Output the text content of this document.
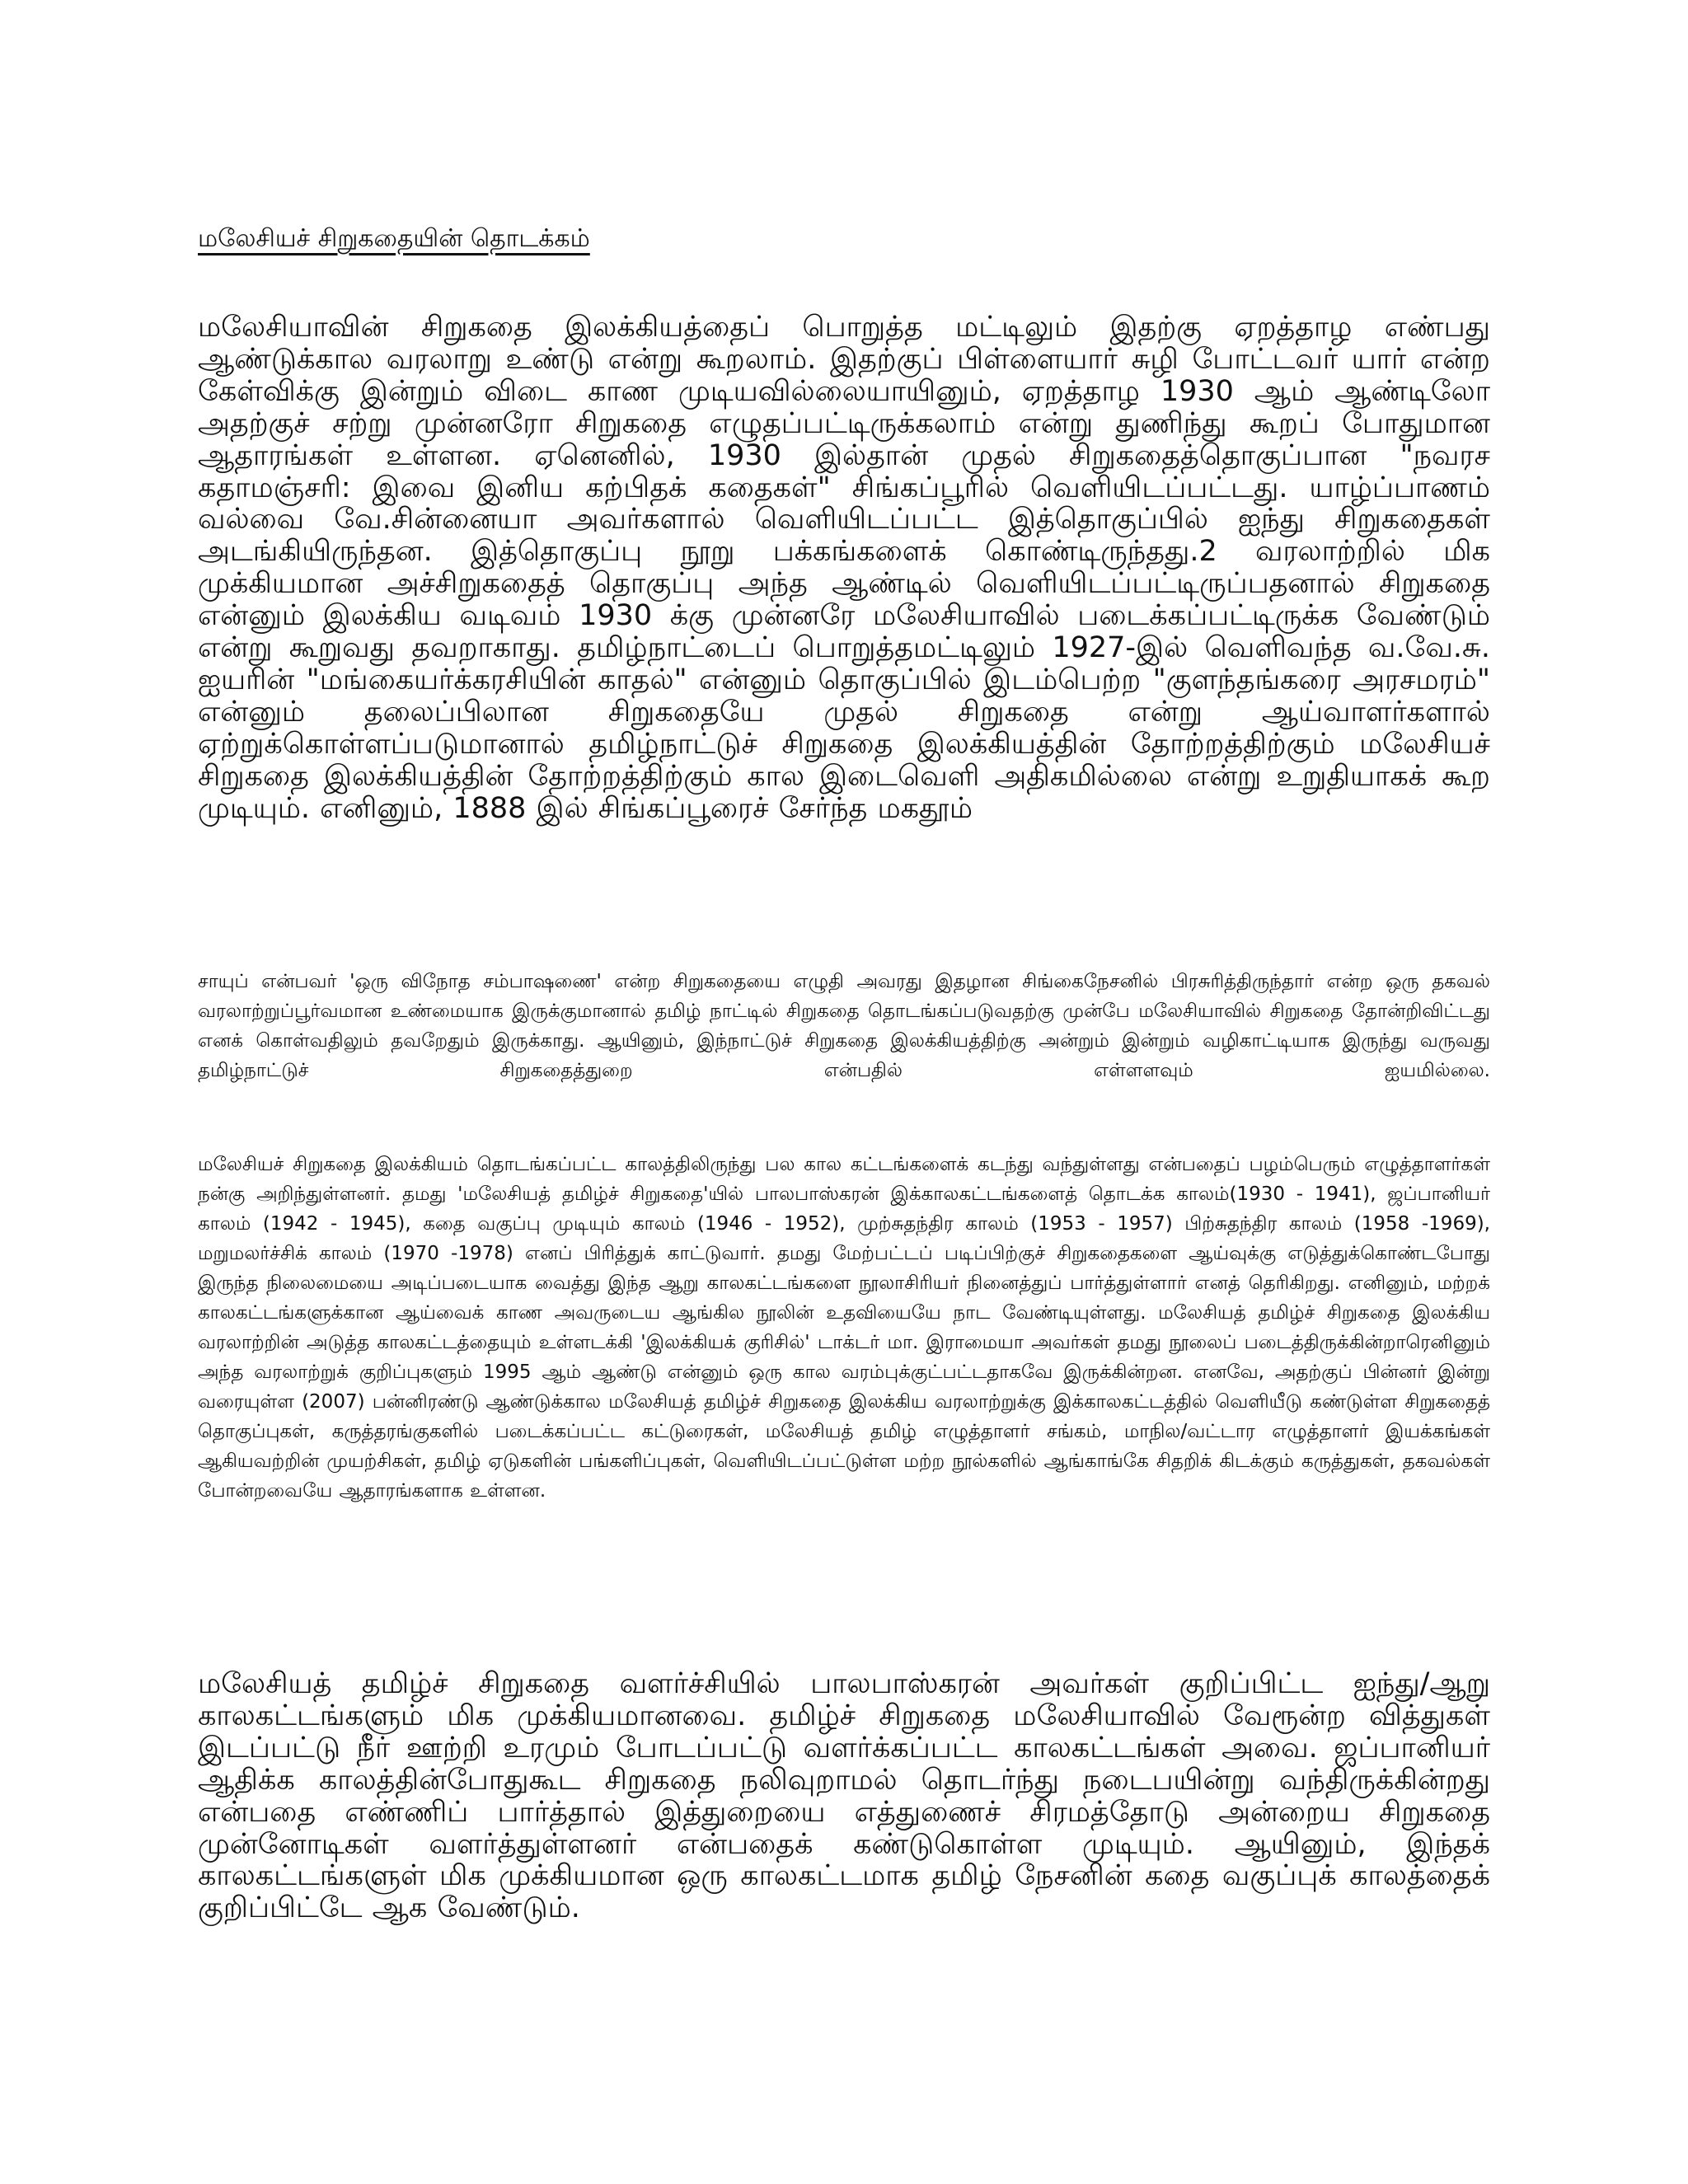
மலேசியச் சிறுகதையின் தொடக்கம்

மலேசியாவின் சிறுகதை இலக்கியத்தைப் பொறுத்த மட்டிலும் இதற்கு ஏறத்தாழ எண்பது ஆண்டுக்கால வரலாறு உண்டு என்று கூறலாம். இதற்குப் பிள்ளையார் சுழி போட்டவர் யார் என்ற கேள்விக்கு இன்றும் விடை காண முடியவில்லையாயினும், ஏறத்தாழ 1930 ஆம் ஆண்டிலோ அதற்குச் சற்று முன்னரோ சிறுகதை எழுதப்பட்டிருக்கலாம் என்று துணிந்து கூறப் போதுமான ஆதாரங்கள் உள்ளன. ஏனெனில், 1930 இல்தான் முதல் சிறுகதைத்தொகுப்பான "நவரச கதாமஞ்சரி: இவை இனிய கற்பிதக் கதைகள்" சிங்கப்பூரில் வெளியிடப்பட்டது. யாழ்ப்பாணம் வல்வை வே.சின்னையா அவர்களால் வெளியிடப்பட்ட இத்தொகுப்பில் ஐந்து சிறுகதைகள் அடங்கியிருந்தன. இத்தொகுப்பு நூறு பக்கங்களைக் கொண்டிருந்தது.2 வரலாற்றில் மிக முக்கியமான அச்சிறுகதைத் தொகுப்பு அந்த ஆண்டில் வெளியிடப்பட்டிருப்பதனால் சிறுகதை என்னும் இலக்கிய வடிவம் 1930 க்கு முன்னரே மலேசியாவில் படைக்கப்பட்டிருக்க வேண்டும் என்று கூறுவது தவறாகாது. தமிழ்நாட்டைப் பொறுத்தமட்டிலும் 1927-இல் வெளிவந்த வ.வே.சு. ஐயரின் "மங்கையர்க்கரசியின் காதல்" என்னும் தொகுப்பில் இடம்பெற்ற "குளந்தங்கரை அரசமரம்" என்னும் தலைப்பிலான சிறுகதையே முதல் சிறுகதை என்று ஆய்வாளர்களால் ஏற்றுக்கொள்ளப்படுமானால் தமிழ்நாட்டுச் சிறுகதை இலக்கியத்தின் தோற்றத்திற்கும் மலேசியச் சிறுகதை இலக்கியத்தின் தோற்றத்திற்கும் கால இடைவெளி அதிகமில்லை என்று உறுதியாகக் கூற முடியும். எனினும், 1888 இல் சிங்கப்பூரைச் சேர்ந்த மகதூம்

சாயுப் என்பவர் 'ஒரு விநோத சம்பாஷணை' என்ற சிறுகதையை எழுதி அவரது இதழான சிங்கைநேசனில் பிரசுரித்திருந்தார் என்ற ஒரு தகவல் வரலாற்றுப்பூர்வமான உண்மையாக இருக்குமானால் தமிழ் நாட்டில் சிறுகதை தொடங்கப்படுவதற்கு முன்பே மலேசியாவில் சிறுகதை தோன்றிவிட்டது எனக் கொள்வதிலும் தவறேதும் இருக்காது. ஆயினும், இந்நாட்டுச் சிறுகதை இலக்கியத்திற்கு அன்றும் இன்றும் வழிகாட்டியாக இருந்து வருவது தமிழ்நாட்டுச் சிறுகதைத்துறை என்பதில் எள்ளளவும் ஐயமில்லை.

மலேசியச் சிறுகதை இலக்கியம் தொடங்கப்பட்ட காலத்திலிருந்து பல கால கட்டங்களைக் கடந்து வந்துள்ளது என்பதைப் பழம்பெரும் எழுத்தாளர்கள் நன்கு அறிந்துள்ளனர். தமது 'மலேசியத் தமிழ்ச் சிறுகதை'யில் பாலபாஸ்கரன் இக்காலகட்டங்களைத் தொடக்க காலம்(1930 - 1941), ஜப்பானியர் காலம் (1942 - 1945), கதை வகுப்பு முடியும் காலம் (1946 - 1952), முற்சுதந்திர காலம் (1953 - 1957) பிற்சுதந்திர காலம் (1958 -1969), மறுமலர்ச்சிக் காலம் (1970 -1978) எனப் பிரித்துக் காட்டுவார். தமது மேற்பட்டப் படிப்பிற்குச் சிறுகதைகளை ஆய்வுக்கு எடுத்துக்கொண்டபோது இருந்த நிலைமையை அடிப்படையாக வைத்து இந்த ஆறு காலகட்டங்களை நூலாசிரியர் நினைத்துப் பார்த்துள்ளார் எனத் தெரிகிறது. எனினும், மற்றக் காலகட்டங்களுக்கான ஆய்வைக் காண அவருடைய ஆங்கில நூலின் உதவியையே நாட வேண்டியுள்ளது. மலேசியத் தமிழ்ச் சிறுகதை இலக்கிய வரலாற்றின் அடுத்த காலகட்டத்தையும் உள்ளடக்கி 'இலக்கியக் குரிசில்' டாக்டர் மா. இராமையா அவர்கள் தமது நூலைப் படைத்திருக்கின்றாரெனினும் அந்த வரலாற்றுக் குறிப்புகளும் 1995 ஆம் ஆண்டு என்னும் ஒரு கால வரம்புக்குட்பட்டதாகவே இருக்கின்றன. எனவே, அதற்குப் பின்னர் இன்று வரையுள்ள (2007) பன்னிரண்டு ஆண்டுக்கால மலேசியத் தமிழ்ச் சிறுகதை இலக்கிய வரலாற்றுக்கு இக்காலகட்டத்தில் வெளியீடு கண்டுள்ள சிறுகதைத் தொகுப்புகள், கருத்தரங்குகளில் படைக்கப்பட்ட கட்டுரைகள், மலேசியத் தமிழ் எழுத்தாளர் சங்கம், மாநில/வட்டார எழுத்தாளர் இயக்கங்கள் ஆகியவற்றின் முயற்சிகள், தமிழ் ஏடுகளின் பங்களிப்புகள், வெளியிடப்பட்டுள்ள மற்ற நூல்களில் ஆங்காங்கே சிதறிக் கிடக்கும் கருத்துகள், தகவல்கள் போன்றவையே ஆதாரங்களாக உள்ளன.

மலேசியத் தமிழ்ச் சிறுகதை வளர்ச்சியில் பாலபாஸ்கரன் அவர்கள் குறிப்பிட்ட ஐந்து/ஆறு காலகட்டங்களும் மிக முக்கியமானவை. தமிழ்ச் சிறுகதை மலேசியாவில் வேரூன்ற வித்துகள் இடப்பட்டு நீர் ஊற்றி உரமும் போடப்பட்டு வளர்க்கப்பட்ட காலகட்டங்கள் அவை. ஜப்பானியர் ஆதிக்க காலத்தின்போதுகூட சிறுகதை நலிவுறாமல் தொடர்ந்து நடைபயின்று வந்திருக்கின்றது என்பதை எண்ணிப் பார்த்தால் இத்துறையை எத்துணைச் சிரமத்தோடு அன்றைய சிறுகதை முன்னோடிகள் வளர்த்துள்ளனர் என்பதைக் கண்டுகொள்ள முடியும். ஆயினும், இந்தக் காலகட்டங்களுள் மிக முக்கியமான ஒரு காலகட்டமாக தமிழ் நேசனின் கதை வகுப்புக் காலத்தைக் குறிப்பிட்டே ஆக வேண்டும்.
